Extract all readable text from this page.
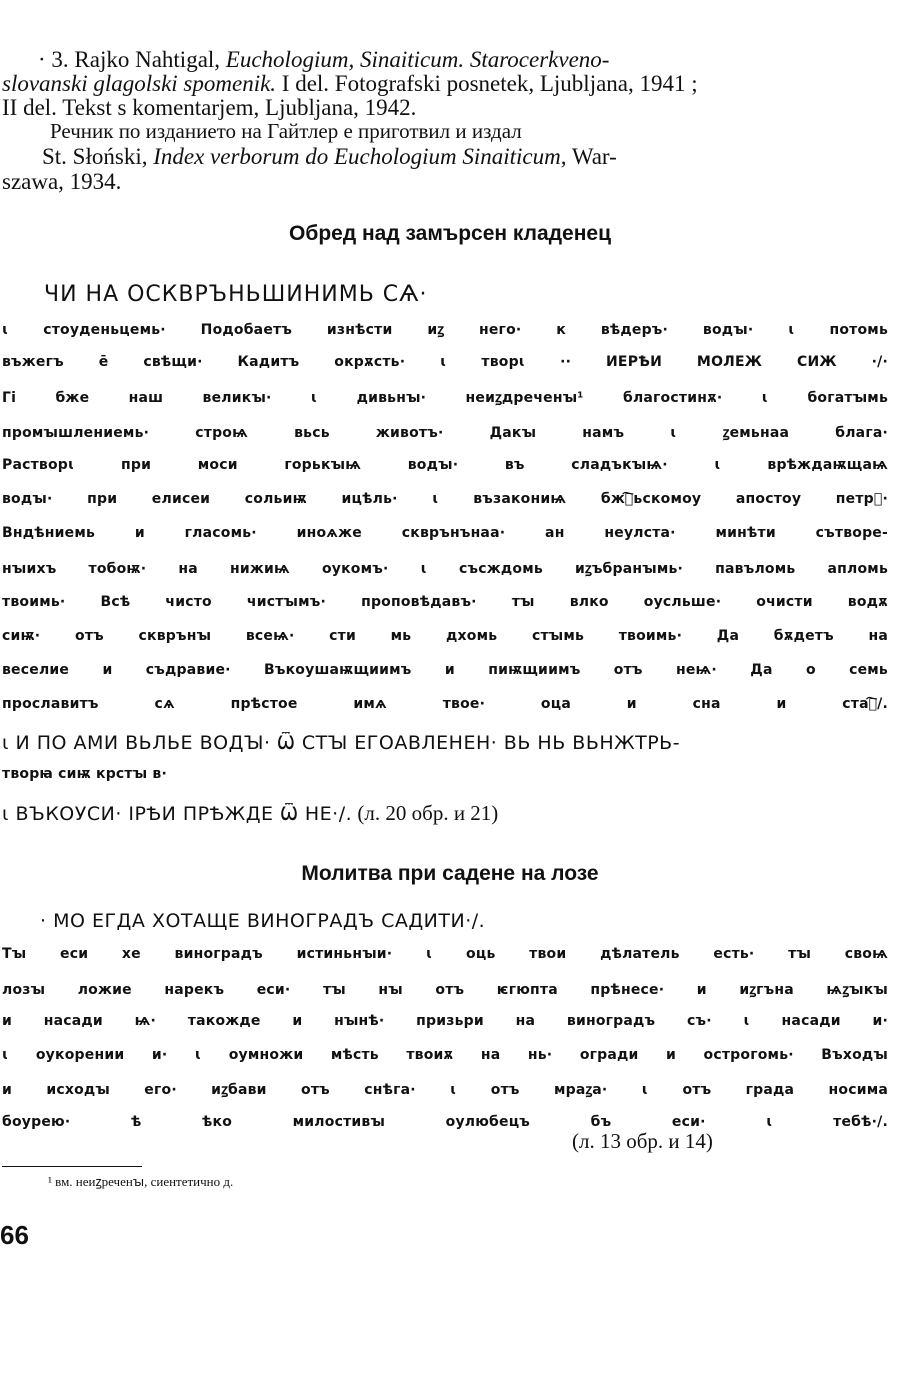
· 3. Rajko Nahtigal, Euchologium, Sinaiticum. Starocerkveno-
slovanski glagolski spomenik. I del. Fotografski posnetek, Ljubljana, 1941 ;
II del. Tekst s komentarjem, Ljubljana, 1942.
Речник по изданието на Гайтлер е приготвил и издал
St. Słoński, Index verborum do Euchologium Sinaiticum, War-
szawa, 1934.
Обред над замърсен кладенец
ЧИ НА ОСКВРЪНЬШИНИМЬ СѦ·
ꙇ стоуденьцемь· Подобаетъ изнѣсти иꙁ него· к вѣдеръ· водꙑ· ꙇ потомь
въжегъ ē свѣщи· Кадитъ окрѫсть· ꙇ творꙇ ·· ИЕРѢИ МОЛЕЖ СИЖ ·/·
Гі бже наш великꙑ· ꙇ дивьнꙑ· неиꙁдреченꙑ¹ благостинѫ· ꙇ богатꙑмь
промꙑшлениемь· строѩ вьсь животъ· Дакꙑ намъ ꙇ ꙁемьнаа блага·
Растворꙇ при моси горькꙑѩ водꙑ· въ сладъкꙑѩ· ꙇ врѣждаѭщаѩ
водꙑ· при елисеи сольиѭ ицѣль· ꙇ възакониѩ бжⷭ҇ьскомоу апостоу петрꙋ·
Вндѣниемь и гласомь· иноѧже скврънънаа· ан неулста· минѣти сътворе-
нꙑихъ тобоѭ· на нижиѩ оукомъ· ꙇ съсждомь иꙁъбранꙑмь· павъломь апломь
твоимь· Всѣ чисто чистꙑмъ· проповѣдавъ· тꙑ влко оусльше· очисти водѫ
сиѭ· отъ скврънꙑ всеѩ· сти мь дхомь стꙑмь твоимь· Да бѫдетъ на
веселие и съдравие· Въкоушаѭщиимъ и пиѭщиимъ отъ неѩ· Да о семь
прославитъ сѧ прѣстое имѧ твое· оца и сна и стаⷢ҇/.
ꙇ И ПО АМИ ВЬЛЬЕ ВОДꙐ· Ѿ СТꙐ ЕГОАВЛЕНЕН· ВЬ НЬ ВЬНЖТРЬ-
творꙗ сиѭ крстꙑ в·
ꙇ ВЪКОУСИ· ІРѢИ ПРѢЖДЕ Ѿ НЕ·/. (л. 20 обр. и 21)
Молитва при садене на лозе
· МО ЕГДА ХОТАЩЕ ВИНОГРАДЪ САДИТИ·/.
Тꙑ еси хе виноградъ истиньнꙑи· ꙇ оць твои дѣлатель есть· тꙑ своѩ
лозꙑ ложие нарекъ еси· тꙑ нꙑ отъ ѥгюпта прѣнесе· и иꙁгъна ѩꙁꙑкꙑ
и насади ѩ· такожде и нꙑнѣ· призьри на виноградъ съ· ꙇ насади и·
ꙇ оукорении и· ꙇ оумножи мѣсть твоиѫ на нь· огради и острогомь· Въходꙑ
и исходꙑ его· иꙁбави отъ снѣга· ꙇ отъ мраꙁа· ꙇ отъ града носима
боурею· ѣ ѣко милостивꙑ оулюбецъ бъ еси· ꙇ тебѣ·/.
(л. 13 обр. и 14)
¹ вм. неиꙁреченꙑ, сиентетично д.
66
